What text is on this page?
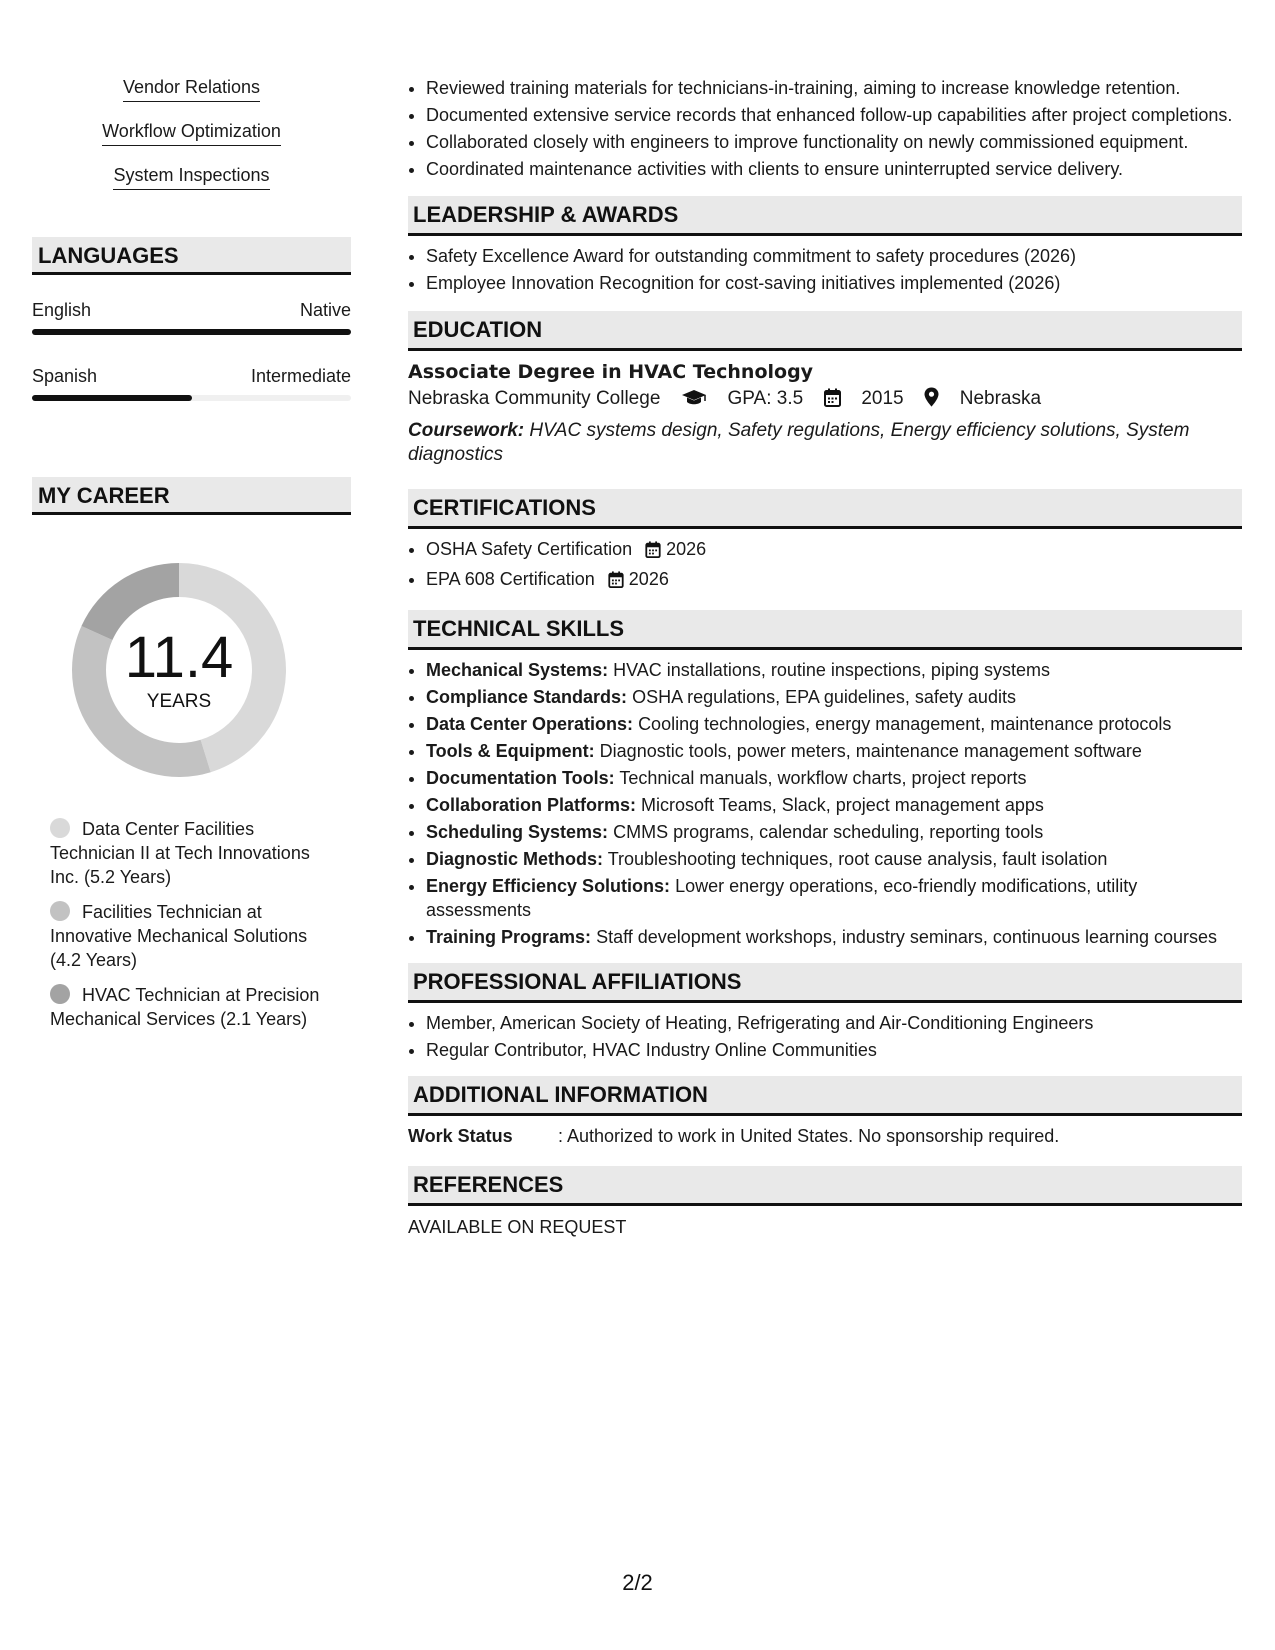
Vendor Relations
Workflow Optimization
System Inspections
LANGUAGES
English	Native
Spanish	Intermediate
MY CAREER
11.4
YEARS
Data Center Facilities Technician II at Tech Innovations Inc. (5.2 Years)
Facilities Technician at Innovative Mechanical Solutions (4.2 Years)
HVAC Technician at Precision Mechanical Services (2.1 Years)
• Reviewed training materials for technicians-in-training, aiming to increase knowledge retention.
• Documented extensive service records that enhanced follow-up capabilities after project completions.
• Collaborated closely with engineers to improve functionality on newly commissioned equipment.
• Coordinated maintenance activities with clients to ensure uninterrupted service delivery.
LEADERSHIP & AWARDS
• Safety Excellence Award for outstanding commitment to safety procedures (2026)
• Employee Innovation Recognition for cost-saving initiatives implemented (2026)
EDUCATION
Associate Degree in HVAC Technology
Nebraska Community College	GPA: 3.5	2015	Nebraska
Coursework: HVAC systems design, Safety regulations, Energy efficiency solutions, System diagnostics
CERTIFICATIONS
• OSHA Safety Certification 2026
• EPA 608 Certification 2026
TECHNICAL SKILLS
• Mechanical Systems: HVAC installations, routine inspections, piping systems
• Compliance Standards: OSHA regulations, EPA guidelines, safety audits
• Data Center Operations: Cooling technologies, energy management, maintenance protocols
• Tools & Equipment: Diagnostic tools, power meters, maintenance management software
• Documentation Tools: Technical manuals, workflow charts, project reports
• Collaboration Platforms: Microsoft Teams, Slack, project management apps
• Scheduling Systems: CMMS programs, calendar scheduling, reporting tools
• Diagnostic Methods: Troubleshooting techniques, root cause analysis, fault isolation
• Energy Efficiency Solutions: Lower energy operations, eco-friendly modifications, utility assessments
• Training Programs: Staff development workshops, industry seminars, continuous learning courses
PROFESSIONAL AFFILIATIONS
• Member, American Society of Heating, Refrigerating and Air-Conditioning Engineers
• Regular Contributor, HVAC Industry Online Communities
ADDITIONAL INFORMATION
Work Status	: Authorized to work in United States. No sponsorship required.
REFERENCES
AVAILABLE ON REQUEST
2/2
